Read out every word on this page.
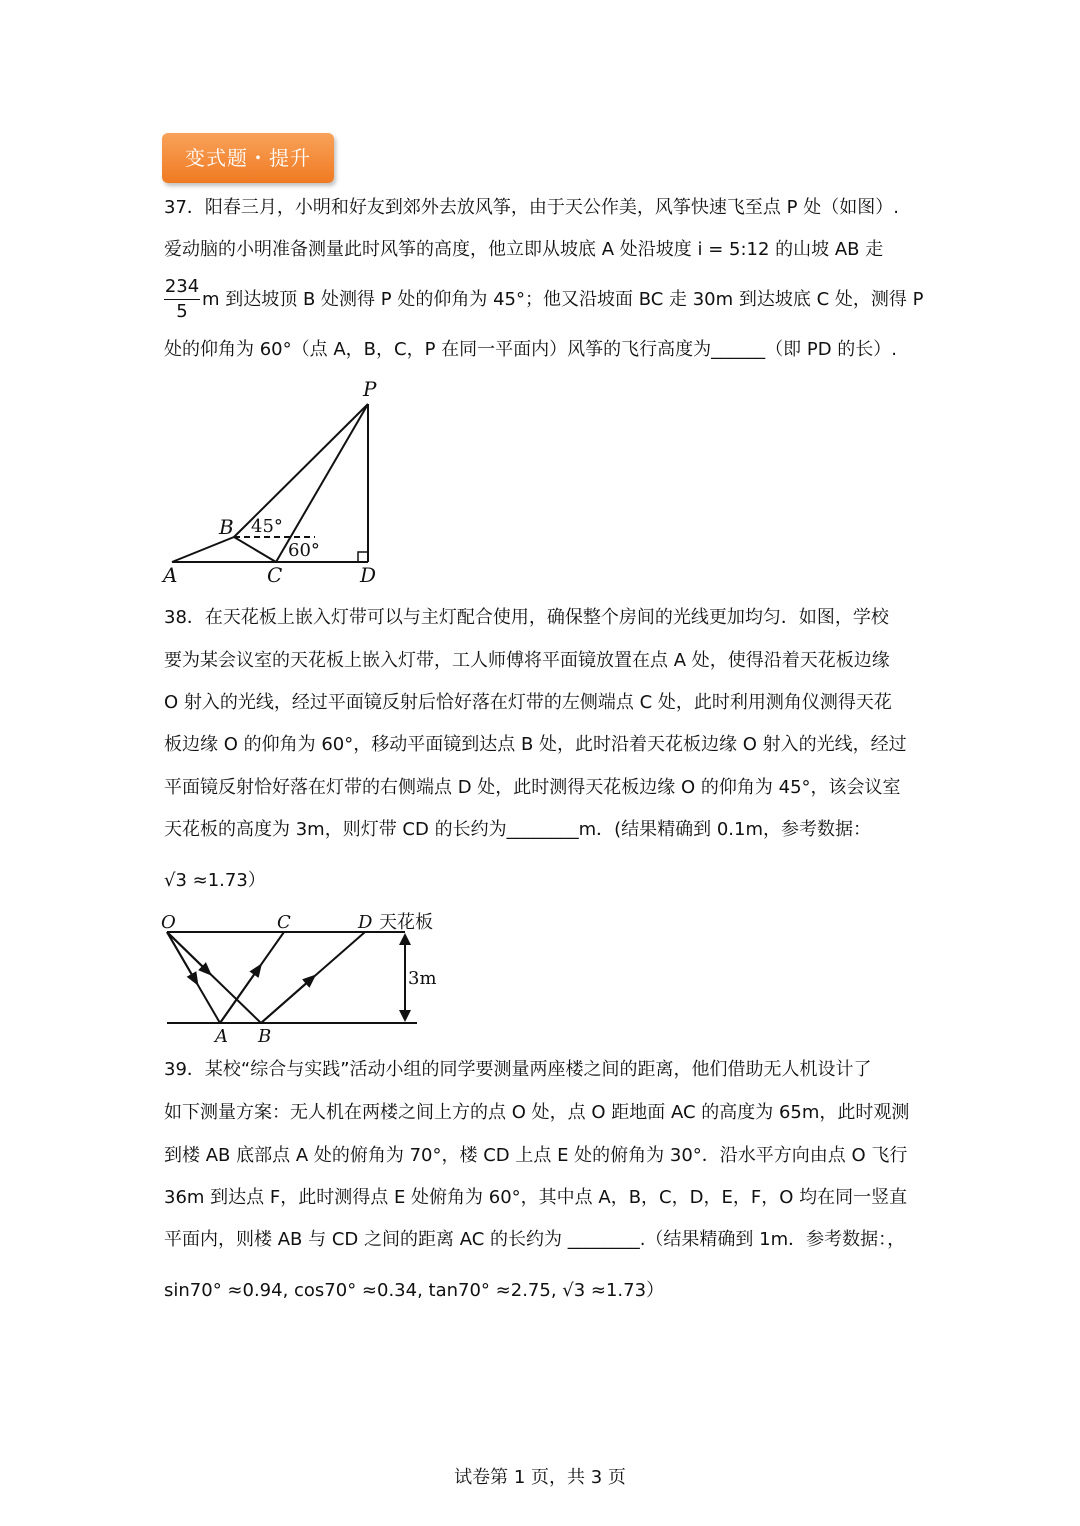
变式题・提升
37．阳春三月，小明和好友到郊外去放风筝，由于天公作美，风筝快速飞至点 P 处（如图）.
爱动脑的小明准备测量此时风筝的高度，他立即从坡底 A 处沿坡度 i = 5:12 的山坡 AB 走
$\frac{234}{5}$ m 到达坡顶 B 处测得 P 处的仰角为 45°；他又沿坡面 BC 走 30m 到达坡底 C 处，测得 P
处的仰角为 60°（点 A，B，C，P 在同一平面内）风筝的飞行高度为______（即 PD 的长）.
P
B
A	C	D
45°
60°
38．在天花板上嵌入灯带可以与主灯配合使用，确保整个房间的光线更加均匀．如图，学校
要为某会议室的天花板上嵌入灯带，工人师傅将平面镜放置在点 A 处，使得沿着天花板边缘
O 射入的光线，经过平面镜反射后恰好落在灯带的左侧端点 C 处，此时利用测角仪测得天花
板边缘 O 的仰角为 60°，移动平面镜到达点 B 处，此时沿着天花板边缘 O 射入的光线，经过
平面镜反射恰好落在灯带的右侧端点 D 处，此时测得天花板边缘 O 的仰角为 45°，该会议室
天花板的高度为 3m，则灯带 CD 的长约为________m．(结果精确到 0.1m，参考数据：
√3 ≈1.73）
O	C	D
A B
天花板
3m
39．某校“综合与实践”活动小组的同学要测量两座楼之间的距离，他们借助无人机设计了
如下测量方案：无人机在两楼之间上方的点 O 处，点 O 距地面 AC 的高度为 65m，此时观测
到楼 AB 底部点 A 处的俯角为 70°，楼 CD 上点 E 处的俯角为 30°．沿水平方向由点 O 飞行
36m 到达点 F，此时测得点 E 处俯角为 60°，其中点 A，B，C，D，E，F，O 均在同一竖直
平面内，则楼 AB 与 CD 之间的距离 AC 的长约为 ________.（结果精确到 1m．参考数据：，
sin70° ≈0.94, cos70° ≈0.34, tan70° ≈2.75, √3 ≈1.73）
试卷第 1 页，共 3 页
